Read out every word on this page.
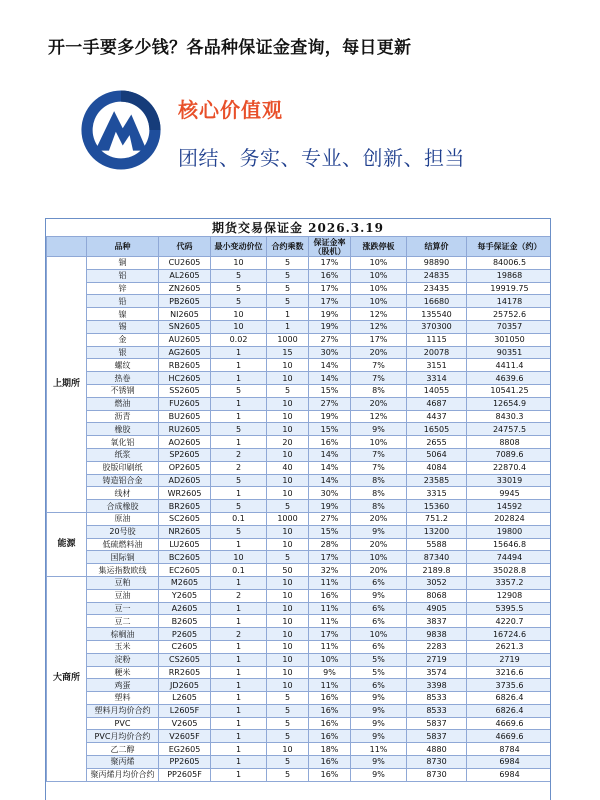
开一手要多少钱？各品种保证金查询，每日更新
核心价值观
团结、务实、专业、创新、担当
期货交易保证金 2026.3.19
	品种	代码	最小变动价位	合约乘数	保证金率（股机）	涨跌停板	结算价	每手保证金（约）
上期所	铜	CU2605	10	5	17%	10%	98890	84006.5
	铝	AL2605	5	5	16%	10%	24835	19868
	锌	ZN2605	5	5	17%	10%	23435	19919.75
	铅	PB2605	5	5	17%	10%	16680	14178
	镍	NI2605	10	1	19%	12%	135540	25752.6
	锡	SN2605	10	1	19%	12%	370300	70357
	金	AU2605	0.02	1000	27%	17%	1115	301050
	银	AG2605	1	15	30%	20%	20078	90351
	螺纹	RB2605	1	10	14%	7%	3151	4411.4
	热卷	HC2605	1	10	14%	7%	3314	4639.6
	不锈钢	SS2605	5	5	15%	8%	14055	10541.25
	燃油	FU2605	1	10	27%	20%	4687	12654.9
	沥青	BU2605	1	10	19%	12%	4437	8430.3
	橡胶	RU2605	5	10	15%	9%	16505	24757.5
	氧化铝	AO2605	1	20	16%	10%	2655	8808
	纸浆	SP2605	2	10	14%	7%	5064	7089.6
	胶版印刷纸	OP2605	2	40	14%	7%	4084	22870.4
	铸造铝合金	AD2605	5	10	14%	8%	23585	33019
	线材	WR2605	1	10	30%	8%	3315	9945
	合成橡胶	BR2605	5	5	19%	8%	15360	14592
能源	原油	SC2605	0.1	1000	27%	20%	751.2	202824
	20号胶	NR2605	5	10	15%	9%	13200	19800
	低硫燃料油	LU2605	1	10	28%	20%	5588	15646.8
	国际铜	BC2605	10	5	17%	10%	87340	74494
	集运指数欧线	EC2605	0.1	50	32%	20%	2189.8	35028.8
大商所	豆粕	M2605	1	10	11%	6%	3052	3357.2
	豆油	Y2605	2	10	16%	9%	8068	12908
	豆一	A2605	1	10	11%	6%	4905	5395.5
	豆二	B2605	1	10	11%	6%	3837	4220.7
	棕榈油	P2605	2	10	17%	10%	9838	16724.6
	玉米	C2605	1	10	11%	6%	2283	2621.3
	淀粉	CS2605	1	10	10%	5%	2719	2719
	粳米	RR2605	1	10	9%	5%	3574	3216.6
	鸡蛋	JD2605	1	10	11%	6%	3398	3735.6
	塑料	L2605	1	5	16%	9%	8533	6826.4
	塑料月均价合约	L2605F	1	5	16%	9%	8533	6826.4
	PVC	V2605	1	5	16%	9%	5837	4669.6
	PVC月均价合约	V2605F	1	5	16%	9%	5837	4669.6
	乙二醇	EG2605	1	10	18%	11%	4880	8784
	聚丙烯	PP2605	1	5	16%	9%	8730	6984
	聚丙烯月均价合约	PP2605F	1	5	16%	9%	8730	6984
